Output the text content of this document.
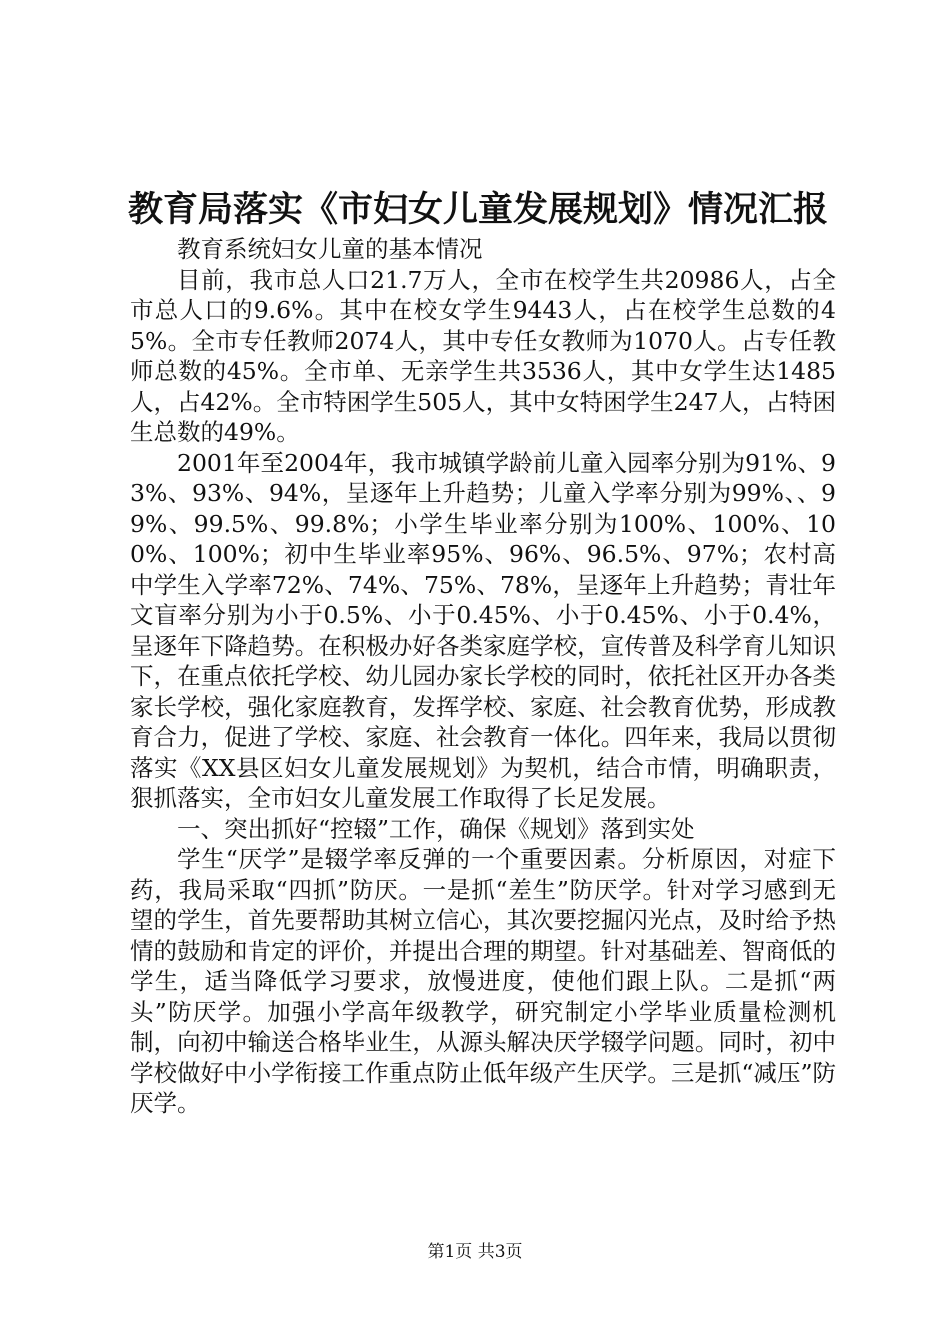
教育局落实《市妇女儿童发展规划》情况汇报

教育系统妇女儿童的基本情况

目前，我市总人口21.7万人，全市在校学生共20986人，占全市总人口的9.6%。其中在校女学生9443人，占在校学生总数的45%。全市专任教师2074人，其中专任女教师为1070人。占专任教师总数的45%。全市单、无亲学生共3536人，其中女学生达1485人，占42%。全市特困学生505人，其中女特困学生247人，占特困生总数的49%。

2001年至2004年，我市城镇学龄前儿童入园率分别为91%、93%、93%、94%，呈逐年上升趋势；儿童入学率分别为99%、、99%、99.5%、99.8%；小学生毕业率分别为100%、100%、100%、100%；初中生毕业率95%、96%、96.5%、97%；农村高中学生入学率72%、74%、75%、78%，呈逐年上升趋势；青壮年文盲率分别为小于0.5%、小于0.45%、小于0.45%、小于0.4%，呈逐年下降趋势。在积极办好各类家庭学校，宣传普及科学育儿知识下，在重点依托学校、幼儿园办家长学校的同时，依托社区开办各类家长学校，强化家庭教育，发挥学校、家庭、社会教育优势，形成教育合力，促进了学校、家庭、社会教育一体化。四年来，我局以贯彻落实《XX县区妇女儿童发展规划》为契机，结合市情，明确职责，狠抓落实，全市妇女儿童发展工作取得了长足发展。

一、突出抓好“控辍”工作，确保《规划》落到实处

学生“厌学”是辍学率反弹的一个重要因素。分析原因，对症下药，我局采取“四抓”防厌。一是抓“差生”防厌学。针对学习感到无望的学生，首先要帮助其树立信心，其次要挖掘闪光点，及时给予热情的鼓励和肯定的评价，并提出合理的期望。针对基础差、智商低的学生，适当降低学习要求，放慢进度，使他们跟上队。二是抓“两头”防厌学。加强小学高年级教学，研究制定小学毕业质量检测机制，向初中输送合格毕业生，从源头解决厌学辍学问题。同时，初中学校做好中小学衔接工作重点防止低年级产生厌学。三是抓“减压”防厌学。

第1页 共3页
